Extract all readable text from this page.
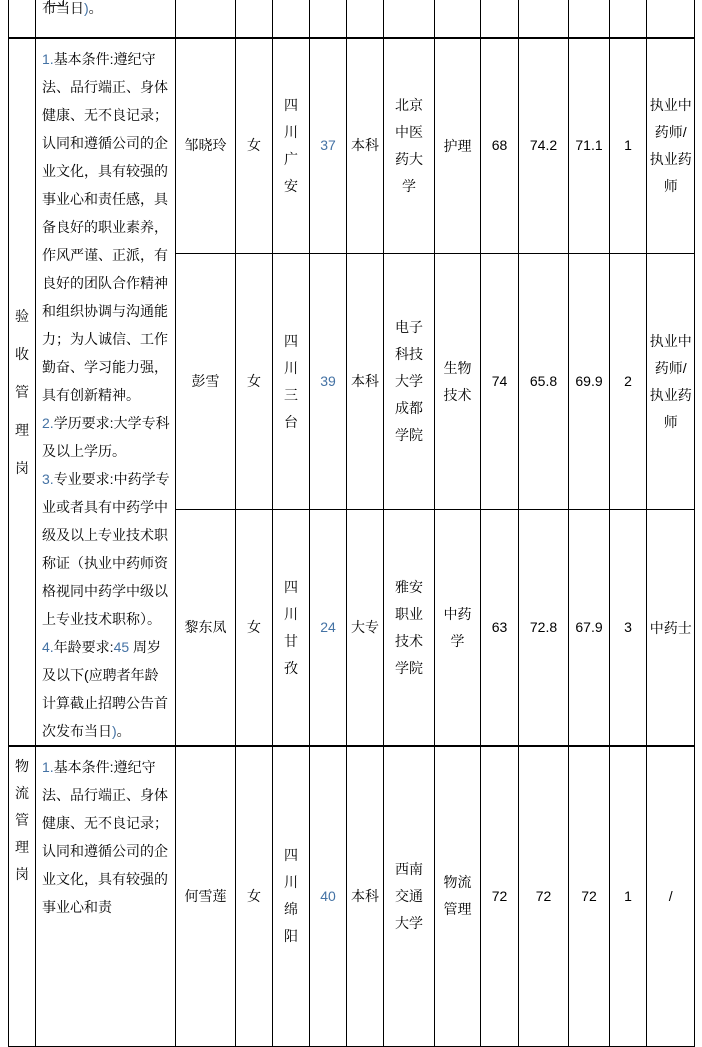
	布当日)。												

验收管理岗	1.基本条件:遵纪守法、品行端正、身体健康、无不良记录；认同和遵循公司的企业文化，具有较强的事业心和责任感，具备良好的职业素养，作风严谨、正派，有良好的团队合作精神和组织协调与沟通能力；为人诚信、工作勤奋、学习能力强，具有创新精神。

2.学历要求:大学专科及以上学历。

3.专业要求:中药学专业或者具有中药学中级及以上专业技术职称证（执业中药师资格视同中药学中级以上专业技术职称）。

4.年龄要求:45 周岁及以下(应聘者年龄计算截止招聘公告首次发布当日)。	邹晓玲	女	四川广安	37	本科	北京中医药大学	护理	68	74.2	71.1	1	执业中药师/执业药师
		彭雪	女	四川三台	39	本科	电子科技大学成都学院	生物技术	74	65.8	69.9	2	执业中药师/执业药师
		黎东凤	女	四川甘孜	24	大专	雅安职业技术学院	中药学	63	72.8	67.9	3	中药士
物流管理岗	1.基本条件:遵纪守法、品行端正、身体健康、无不良记录；认同和遵循公司的企业文化，具有较强的事业心和责	何雪莲	女	四川绵阳	40	本科	西南交通大学	物流管理	72	72	72	1	/
